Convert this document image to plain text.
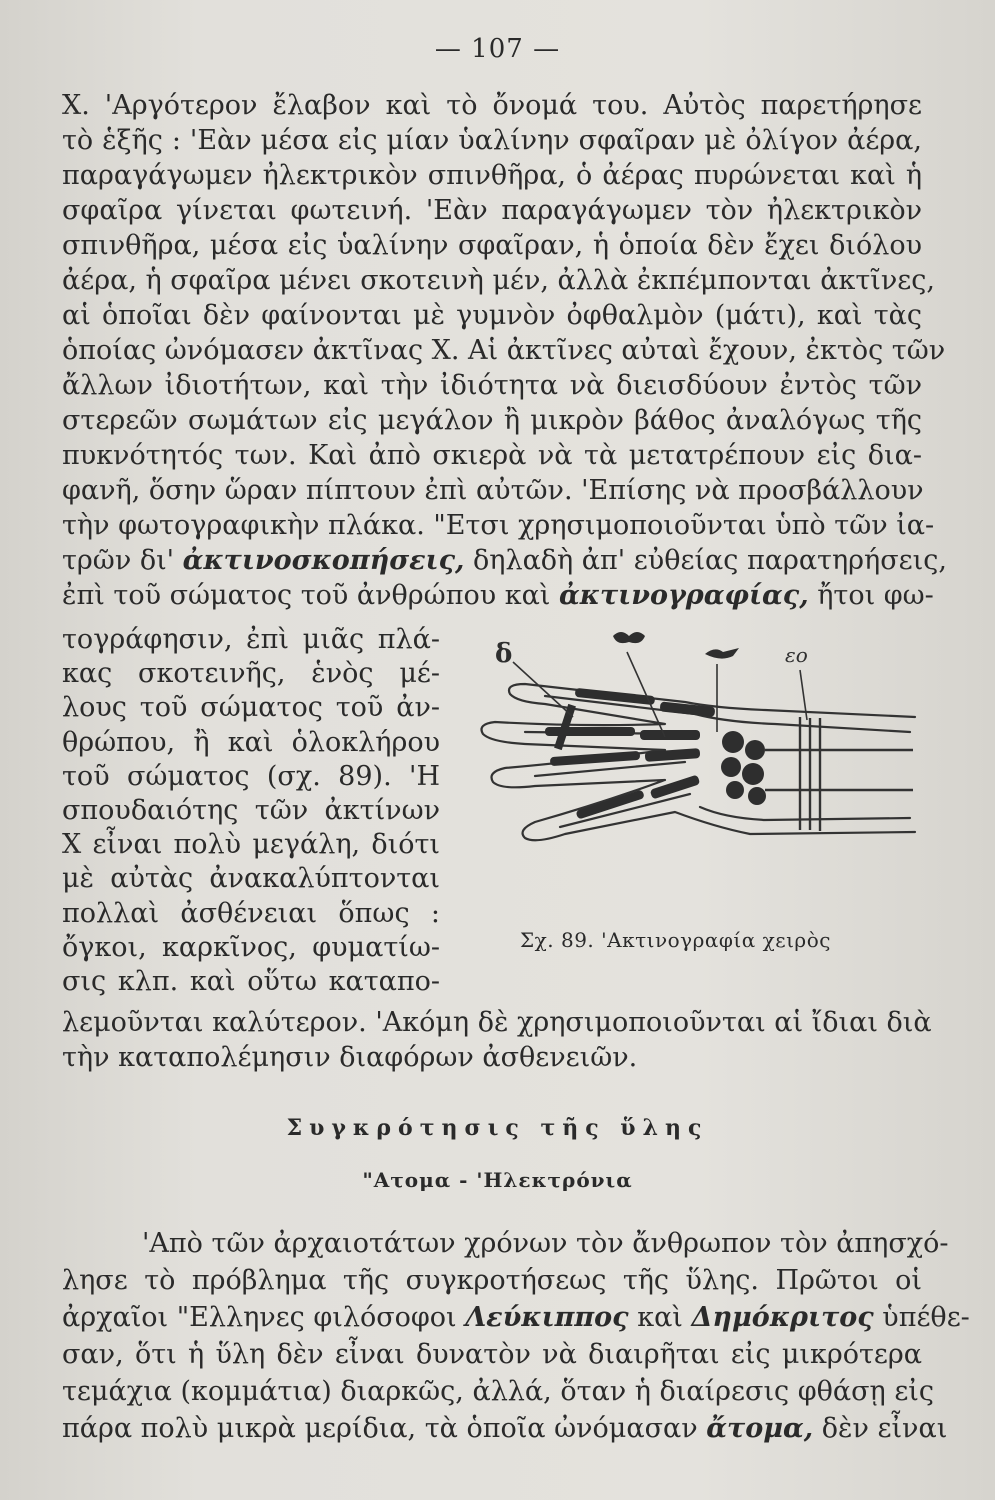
— 107 —
X. 'Αργότερον ἔλαβον καὶ τὸ ὄνομά του. Αὐτὸς παρετήρησε
τὸ ἑξῆς : 'Εὰν μέσα εἰς μίαν ὑαλίνην σφαῖραν μὲ ὀλίγον ἀέρα,
παραγάγωμεν ἠλεκτρικὸν σπινθῆρα, ὁ ἀέρας πυρώνεται καὶ ἡ
σφαῖρα γίνεται φωτεινή. 'Εὰν παραγάγωμεν τὸν ἠλεκτρικὸν
σπινθῆρα, μέσα εἰς ὑαλίνην σφαῖραν, ἡ ὁποία δὲν ἔχει διόλου
ἀέρα, ἡ σφαῖρα μένει σκοτεινὴ μέν, ἀλλὰ ἐκπέμπονται ἀκτῖνες,
αἱ ὁποῖαι δὲν φαίνονται μὲ γυμνὸν ὀφθαλμὸν (μάτι), καὶ τὰς
ὁποίας ὠνόμασεν ἀκτῖνας X. Αἱ ἀκτῖνες αὐταὶ ἔχουν, ἐκτὸς τῶν
ἄλλων ἰδιοτήτων, καὶ τὴν ἰδιότητα νὰ διεισδύουν ἐντὸς τῶν
στερεῶν σωμάτων εἰς μεγάλον ἢ μικρὸν βάθος ἀναλόγως τῆς
πυκνότητός των. Καὶ ἀπὸ σκιερὰ νὰ τὰ μετατρέπουν εἰς δια-
φανῆ, ὅσην ὥραν πίπτουν ἐπὶ αὐτῶν. 'Επίσης νὰ προσβάλλουν
τὴν φωτογραφικὴν πλάκα. "Ετσι χρησιμοποιοῦνται ὑπὸ τῶν ἰα-
τρῶν δι' ἀκτινοσκοπήσεις, δηλαδὴ ἀπ' εὐθείας παρατηρήσεις,
ἐπὶ τοῦ σώματος τοῦ ἀνθρώπου καὶ ἀκτινογραφίας, ἤτοι φω-
τογράφησιν, ἐπὶ μιᾶς πλά-
κας σκοτεινῆς, ἑνὸς μέ-
λους τοῦ σώματος τοῦ ἀν-
θρώπου, ἢ καὶ ὁλοκλήρου
τοῦ σώματος (σχ. 89). 'Η
σπουδαιότης τῶν ἀκτίνων
X εἶναι πολὺ μεγάλη, διότι
μὲ αὐτὰς ἀνακαλύπτονται
πολλαὶ ἀσθένειαι ὅπως :
ὄγκοι, καρκῖνος, φυματίω-
σις κλπ. καὶ οὕτω καταπο-
δ	εο
Σχ. 89. 'Ακτινογραφία χειρὸς
λεμοῦνται καλύτερον. 'Ακόμη δὲ χρησιμοποιοῦνται αἱ ἴδιαι διὰ
τὴν καταπολέμησιν διαφόρων ἀσθενειῶν.
Συγκρότησις τῆς ὕλης
"Ατομα - 'Ηλεκτρόνια
'Απὸ τῶν ἀρχαιοτάτων χρόνων τὸν ἄνθρωπον τὸν ἀπησχό-
λησε τὸ πρόβλημα τῆς συγκροτήσεως τῆς ὕλης. Πρῶτοι οἱ
ἀρχαῖοι "Ελληνες φιλόσοφοι Λεύκιππος καὶ Δημόκριτος ὑπέθε-
σαν, ὅτι ἡ ὕλη δὲν εἶναι δυνατὸν νὰ διαιρῆται εἰς μικρότερα
τεμάχια (κομμάτια) διαρκῶς, ἀλλά, ὅταν ἡ διαίρεσις φθάσῃ εἰς
πάρα πολὺ μικρὰ μερίδια, τὰ ὁποῖα ὠνόμασαν ἄτομα, δὲν εἶναι
